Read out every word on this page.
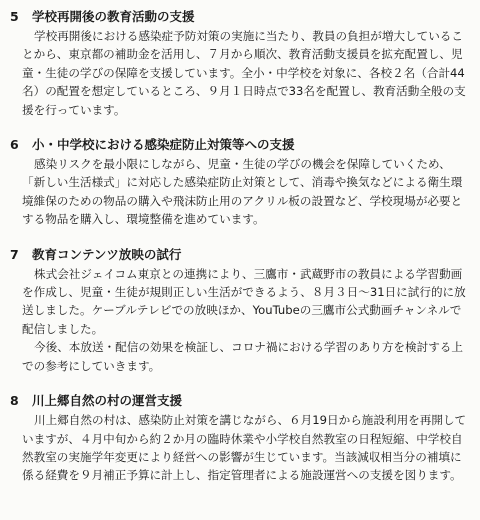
5	学校再開後の教育活動の支援
学校再開後における感染症予防対策の実施に当たり、教員の負担が増大しているこ
とから、東京都の補助金を活用し、７月から順次、教育活動支援員を拡充配置し、児
童・生徒の学びの保障を支援しています。全小・中学校を対象に、各校２名（合計44
名）の配置を想定しているところ、９月１日時点で33名を配置し、教育活動全般の支
援を行っています。
6	小・中学校における感染症防止対策等への支援
感染リスクを最小限にしながら、児童・生徒の学びの機会を保障していくため、
「新しい生活様式」に対応した感染症防止対策として、消毒や換気などによる衛生環
境維保のための物品の購入や飛沫防止用のアクリル板の設置など、学校現場が必要と
する物品を購入し、環境整備を進めています。
7	教育コンテンツ放映の試行
株式会社ジェイコム東京との連携により、三鷹市・武蔵野市の教員による学習動画
を作成し、児童・生徒が規則正しい生活ができるよう、８月３日～31日に試行的に放
送しました。ケーブルテレビでの放映ほか、YouTubeの三鷹市公式動画チャンネルで
配信しました。
今後、本放送・配信の効果を検証し、コロナ禍における学習のあり方を検討する上
での参考にしていきます。
8	川上郷自然の村の運営支援
川上郷自然の村は、感染防止対策を講じながら、６月19日から施設利用を再開して
いますが、４月中旬から約２か月の臨時休業や小学校自然教室の日程短縮、中学校自
然教室の実施学年変更により経営への影響が生じています。当該減収相当分の補填に
係る経費を９月補正予算に計上し、指定管理者による施設運営への支援を図ります。
